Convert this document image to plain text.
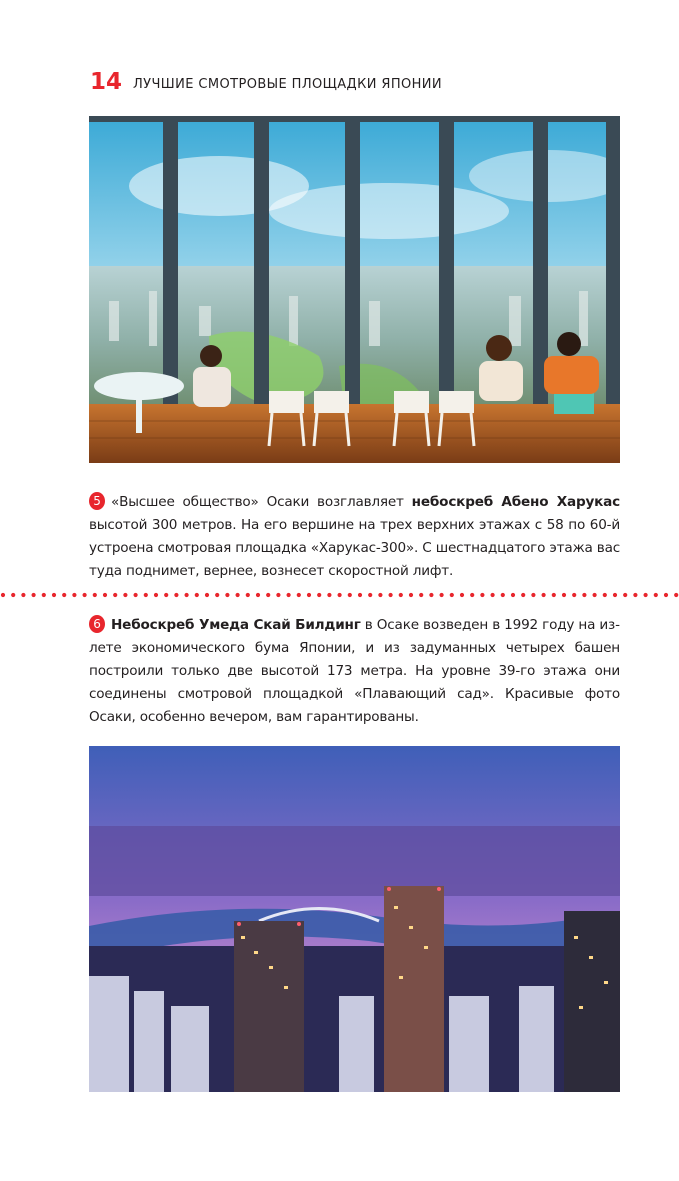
14 ЛУЧШИЕ СМОТРОВЫЕ ПЛОЩАДКИ ЯПОНИИ
5 «Высшее общество» Осаки возглавляет небоскреб Абено Харукас высотой 300 метров. На его вершине на трех верхних этажах с 58 по 60-й устроена смотровая площадка «Харукас-300». С шестнадцатого этажа вас туда поднимет, вернее, вознесет скоростной лифт.
6 Небоскреб Умеда Скай Билдинг в Осаке возведен в 1992 году на излете экономического бума Японии, и из задуманных четырех башен построили только две высотой 173 метра. На уровне 39-го этажа они соединены смотровой площадкой «Плавающий сад». Красивые фото Осаки, особенно вечером, вам гарантированы.
